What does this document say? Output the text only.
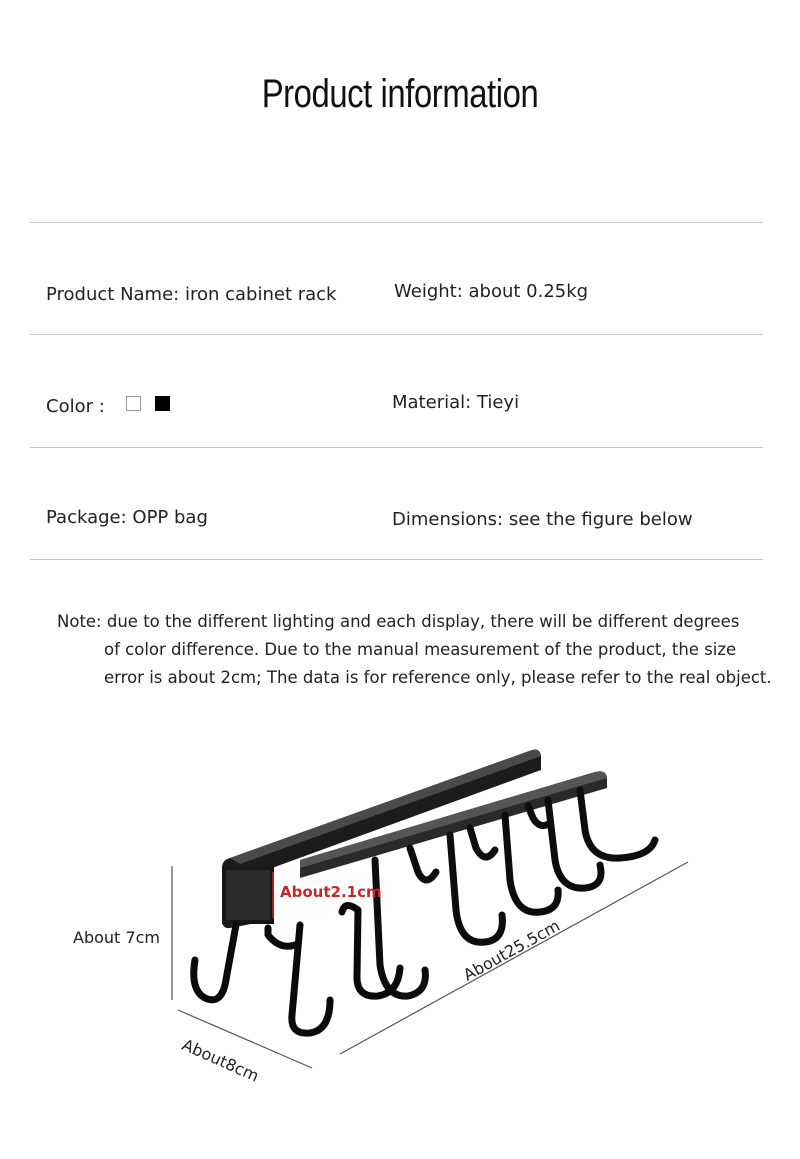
Product information
Product Name: iron cabinet rack	Weight: about 0.25kg
Color :	Material: Tieyi
Package: OPP bag	Dimensions: see the figure below
Note: due to the different lighting and each display, there will be different degrees
of color difference. Due to the manual measurement of the product, the size
error is about 2cm; The data is for reference only, please refer to the real object.
About 7cm
About2.1cm
About25.5cm
About8cm
